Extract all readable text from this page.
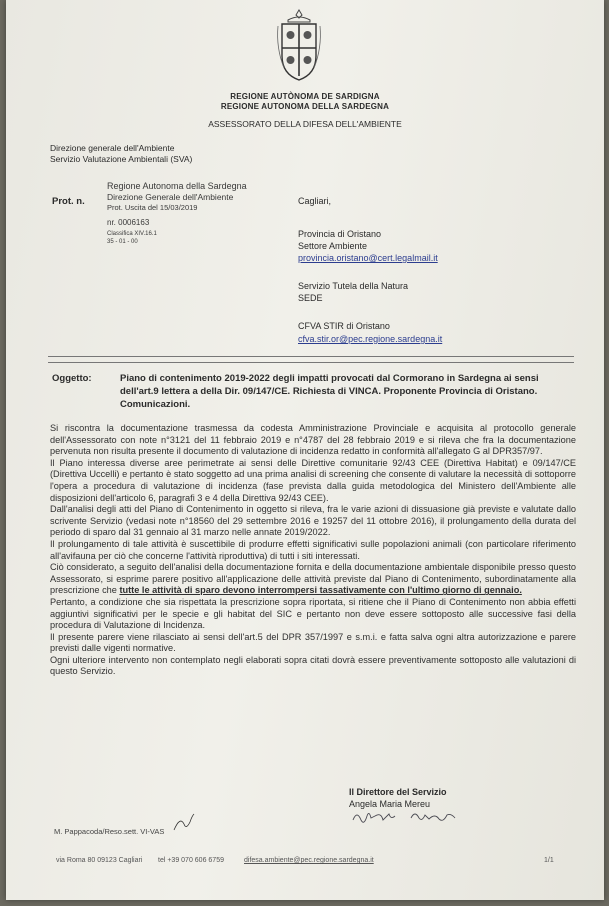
REGIONE AUTÒNOMA DE SARDIGNA
REGIONE AUTONOMA DELLA SARDEGNA
ASSESSORATO DELLA DIFESA DELL'AMBIENTE
Direzione generale dell'Ambiente
Servizio Valutazione Ambientali (SVA)
Prot. n.
Regione Autonoma della Sardegna
Direzione Generale dell'Ambiente
Prot. Uscita del 15/03/2019
nr. 0006163
Classifica XIV.16.1
35 - 01 - 00
Cagliari,
Provincia di Oristano
Settore Ambiente
provincia.oristano@cert.legalmail.it
Servizio Tutela della Natura
SEDE
CFVA STIR di Oristano
cfva.stir.or@pec.regione.sardegna.it
Oggetto:	Piano di contenimento 2019-2022 degli impatti provocati dal Cormorano in Sardegna ai sensi dell'art.9 lettera a della Dir. 09/147/CE. Richiesta di VINCA. Proponente Provincia di Oristano. Comunicazioni.

Si riscontra la documentazione trasmessa da codesta Amministrazione Provinciale e acquisita al protocollo generale dell'Assessorato con note n°3121 del 11 febbraio 2019 e n°4787 del 28 febbraio 2019 e si rileva che fra la documentazione pervenuta non risulta presente il documento di valutazione di incidenza redatto in conformità all'allegato G al DPR357/97.

Il Piano interessa diverse aree perimetrate ai sensi delle Direttive comunitarie 92/43 CEE (Direttiva Habitat) e 09/147/CE (Direttiva Uccelli) e pertanto è stato soggetto ad una prima analisi di screening che consente di valutare la necessità di sottoporre l'opera a procedura di valutazione di incidenza (fase prevista dalla guida metodologica del Ministero dell'Ambiente alle disposizioni dell'articolo 6, paragrafi 3 e 4 della Direttiva 92/43 CEE).

Dall'analisi degli atti del Piano di Contenimento in oggetto si rileva, fra le varie azioni di dissuasione già previste e valutate dallo scrivente Servizio (vedasi note n°18560 del 29 settembre 2016 e 19257 del 11 ottobre 2016), il prolungamento della durata del periodo di sparo dal 31 gennaio al 31 marzo nelle annate 2019/2022.

Il prolungamento di tale attività è suscettibile di produrre effetti significativi sulle popolazioni animali (con particolare riferimento all'avifauna per ciò che concerne l'attività riproduttiva) di tutti i siti interessati.

Ciò considerato, a seguito dell'analisi della documentazione fornita e della documentazione ambientale disponibile presso questo Assessorato, si esprime parere positivo all'applicazione delle attività previste dal Piano di Contenimento, subordinatamente alla prescrizione che tutte le attività di sparo devono interrompersi tassativamente con l'ultimo giorno di gennaio.

Pertanto, a condizione che sia rispettata la prescrizione sopra riportata, si ritiene che il Piano di Contenimento non abbia effetti aggiuntivi significativi per le specie e gli habitat del SIC e pertanto non deve essere sottoposto alle successive fasi della procedura di Valutazione di Incidenza.

Il presente parere viene rilasciato ai sensi dell'art.5 del DPR 357/1997 e s.m.i. e fatta salva ogni altra autorizzazione e parere previsti dalle vigenti normative.

Ogni ulteriore intervento non contemplato negli elaborati sopra citati dovrà essere preventivamente sottoposto alle valutazioni di questo Servizio.

Il Direttore del Servizio
Angela Maria Mereu
M. Pappacoda/Reso.sett. VI-VAS
via Roma 80 09123 Cagliari tel +39 070 606 6759	difesa.ambiente@pec.regione.sardegna.it	1/1
